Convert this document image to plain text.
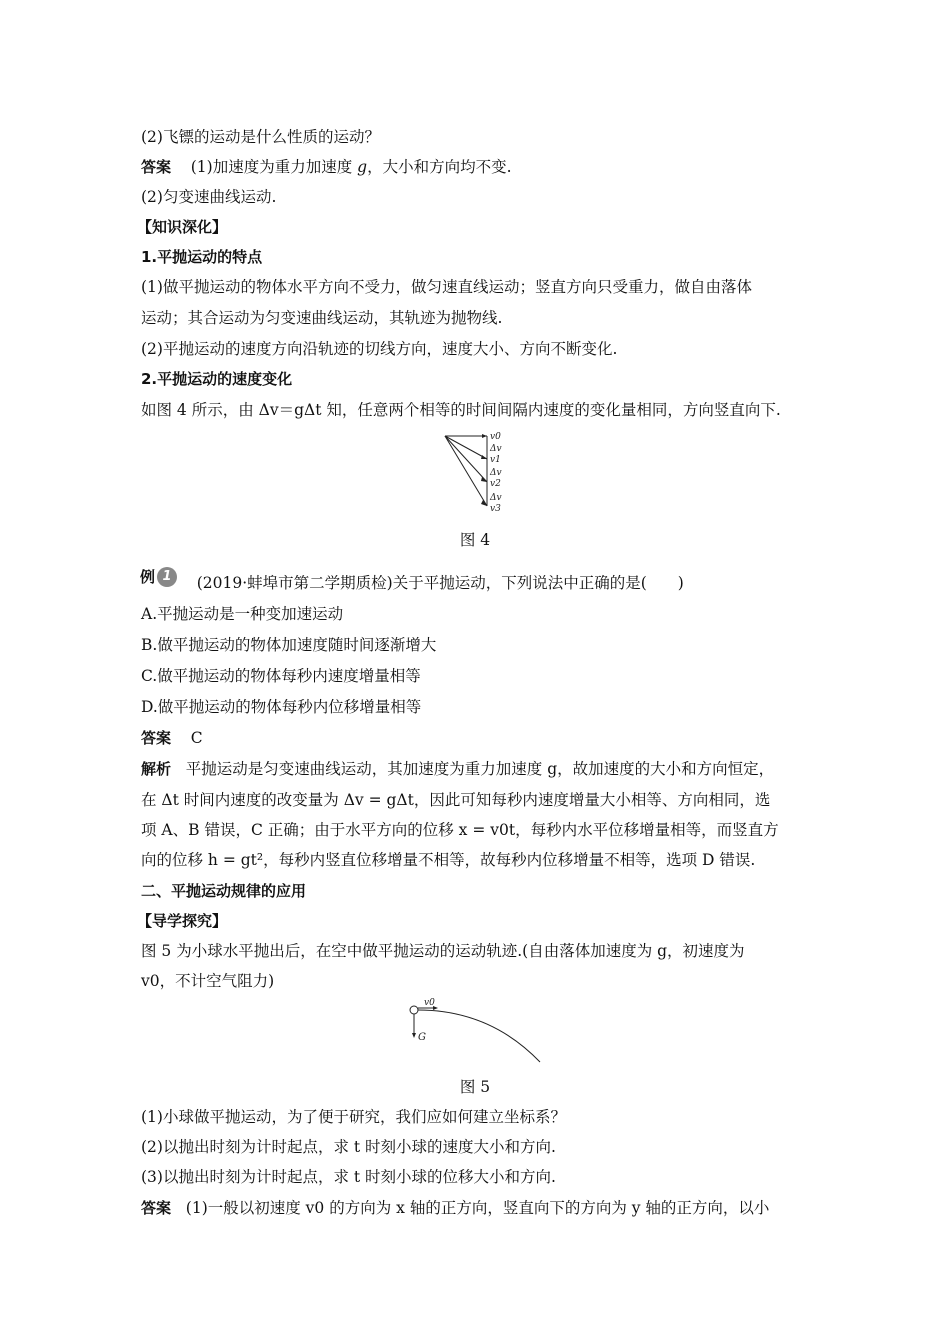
(2)飞镖的运动是什么性质的运动？
答案 (1)加速度为重力加速度 g，大小和方向均不变.
(2)匀变速曲线运动.
【知识深化】
1.平抛运动的特点
(1)做平抛运动的物体水平方向不受力，做匀速直线运动；竖直方向只受重力，做自由落体
运动；其合运动为匀变速曲线运动，其轨迹为抛物线.
(2)平抛运动的速度方向沿轨迹的切线方向，速度大小、方向不断变化.
2.平抛运动的速度变化
如图 4 所示，由 Δv＝gΔt 知，任意两个相等的时间间隔内速度的变化量相同，方向竖直向下.
v0
Δv
v1
Δv
v2
Δv
v3
图 4
例 1 (2019·蚌埠市第二学期质检)关于平抛运动，下列说法中正确的是(　　)
A.平抛运动是一种变加速运动
B.做平抛运动的物体加速度随时间逐渐增大
C.做平抛运动的物体每秒内速度增量相等
D.做平抛运动的物体每秒内位移增量相等
答案 C
解析 平抛运动是匀变速曲线运动，其加速度为重力加速度 g，故加速度的大小和方向恒定，
在 Δt 时间内速度的改变量为 Δv = gΔt，因此可知每秒内速度增量大小相等、方向相同，选
项 A、B 错误，C 正确；由于水平方向的位移 x = v0t，每秒内水平位移增量相等，而竖直方
向的位移 h = gt²，每秒内竖直位移增量不相等，故每秒内位移增量不相等，选项 D 错误.
二、平抛运动规律的应用
【导学探究】
图 5 为小球水平抛出后，在空中做平抛运动的运动轨迹.(自由落体加速度为 g，初速度为
v0，不计空气阻力)
v0
G
图 5
(1)小球做平抛运动，为了便于研究，我们应如何建立坐标系？
(2)以抛出时刻为计时起点，求 t 时刻小球的速度大小和方向.
(3)以抛出时刻为计时起点，求 t 时刻小球的位移大小和方向.
答案 (1)一般以初速度 v0 的方向为 x 轴的正方向，竖直向下的方向为 y 轴的正方向，以小
